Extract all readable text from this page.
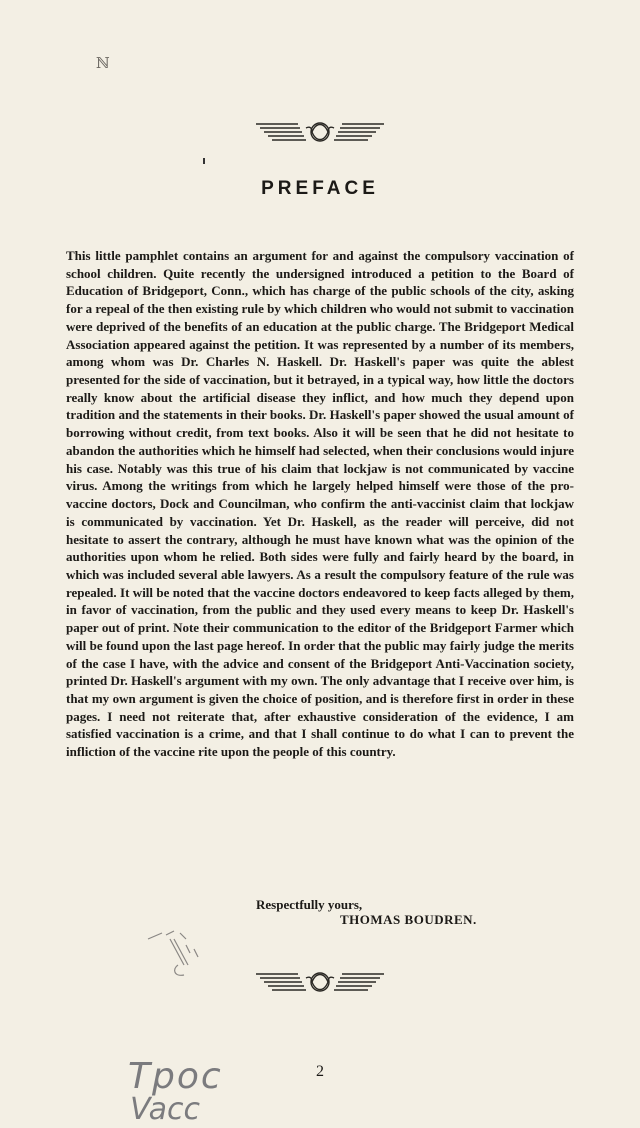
ℕ
PREFACE

This little pamphlet contains an argument for and against the compulsory vaccination of school children. Quite recently the undersigned introduced a petition to the Board of Education of Bridgeport, Conn., which has charge of the public schools of the city, asking for a repeal of the then existing rule by which children who would not submit to vaccination were deprived of the benefits of an education at the public charge. The Bridgeport Medical Association appeared against the petition. It was represented by a number of its members, among whom was Dr. Charles N. Haskell. Dr. Haskell's paper was quite the ablest presented for the side of vaccination, but it betrayed, in a typical way, how little the doctors really know about the artificial disease they inflict, and how much they depend upon tradition and the statements in their books. Dr. Haskell's paper showed the usual amount of borrowing without credit, from text books. Also it will be seen that he did not hesitate to abandon the authorities which he himself had selected, when their conclusions would injure his case. Notably was this true of his claim that lockjaw is not communicated by vaccine virus. Among the writings from which he largely helped himself were those of the pro-vaccine doctors, Dock and Councilman, who confirm the anti-vaccinist claim that lockjaw is communicated by vaccination. Yet Dr. Haskell, as the reader will perceive, did not hesitate to assert the contrary, although he must have known what was the opinion of the authorities upon whom he relied. Both sides were fully and fairly heard by the board, in which was included several able lawyers. As a result the compulsory feature of the rule was repealed. It will be noted that the vaccine doctors endeavored to keep facts alleged by them, in favor of vaccination, from the public and they used every means to keep Dr. Haskell's paper out of print. Note their communication to the editor of the Bridgeport Farmer which will be found upon the last page hereof. In order that the public may fairly judge the merits of the case I have, with the advice and consent of the Bridgeport Anti-Vaccination society, printed Dr. Haskell's argument with my own. The only advantage that I receive over him, is that my own argument is given the choice of position, and is therefore first in order in these pages. I need not reiterate that, after exhaustive consideration of the evidence, I am satisfied vaccination is a crime, and that I shall continue to do what I can to prevent the infliction of the vaccine rite upon the people of this country.

Respectfully yours,
THOMAS BOUDREN.
2
Троc
Vacc
